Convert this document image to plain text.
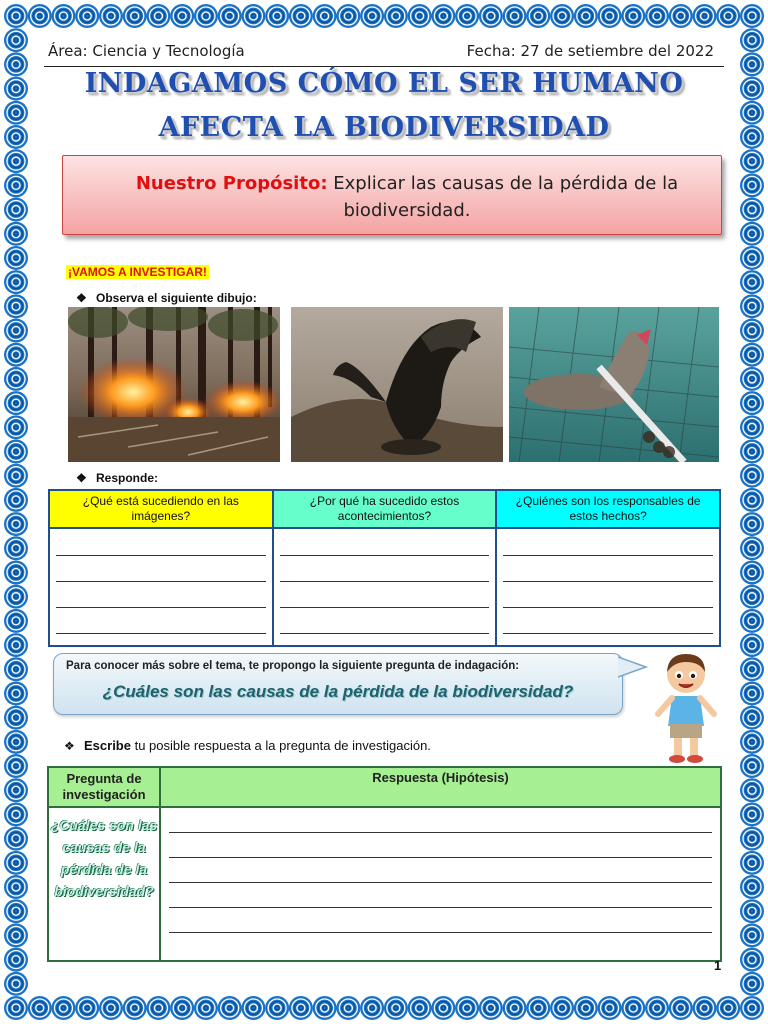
Área: Ciencia y Tecnología	Fecha: 27 de setiembre del 2022
INDAGAMOS CÓMO EL SER HUMANO
AFECTA LA BIODIVERSIDAD
Nuestro Propósito: Explicar las causas de la pérdida de la biodiversidad.
¡VAMOS A INVESTIGAR!
❖ Observa el siguiente dibujo:
❖ Responde:
¿Qué está sucediendo en las imágenes?	¿Por qué ha sucedido estos acontecimientos?	¿Quiénes son los responsables de estos hechos?

Para conocer más sobre el tema, te propongo la siguiente pregunta de indagación:
¿Cuáles son las causas de la pérdida de la biodiversidad?
❖ Escribe tu posible respuesta a la pregunta de investigación.
Pregunta de investigación	Respuesta (Hipótesis)
¿Cuáles son las causas de la pérdida de la biodiversidad?	
1
